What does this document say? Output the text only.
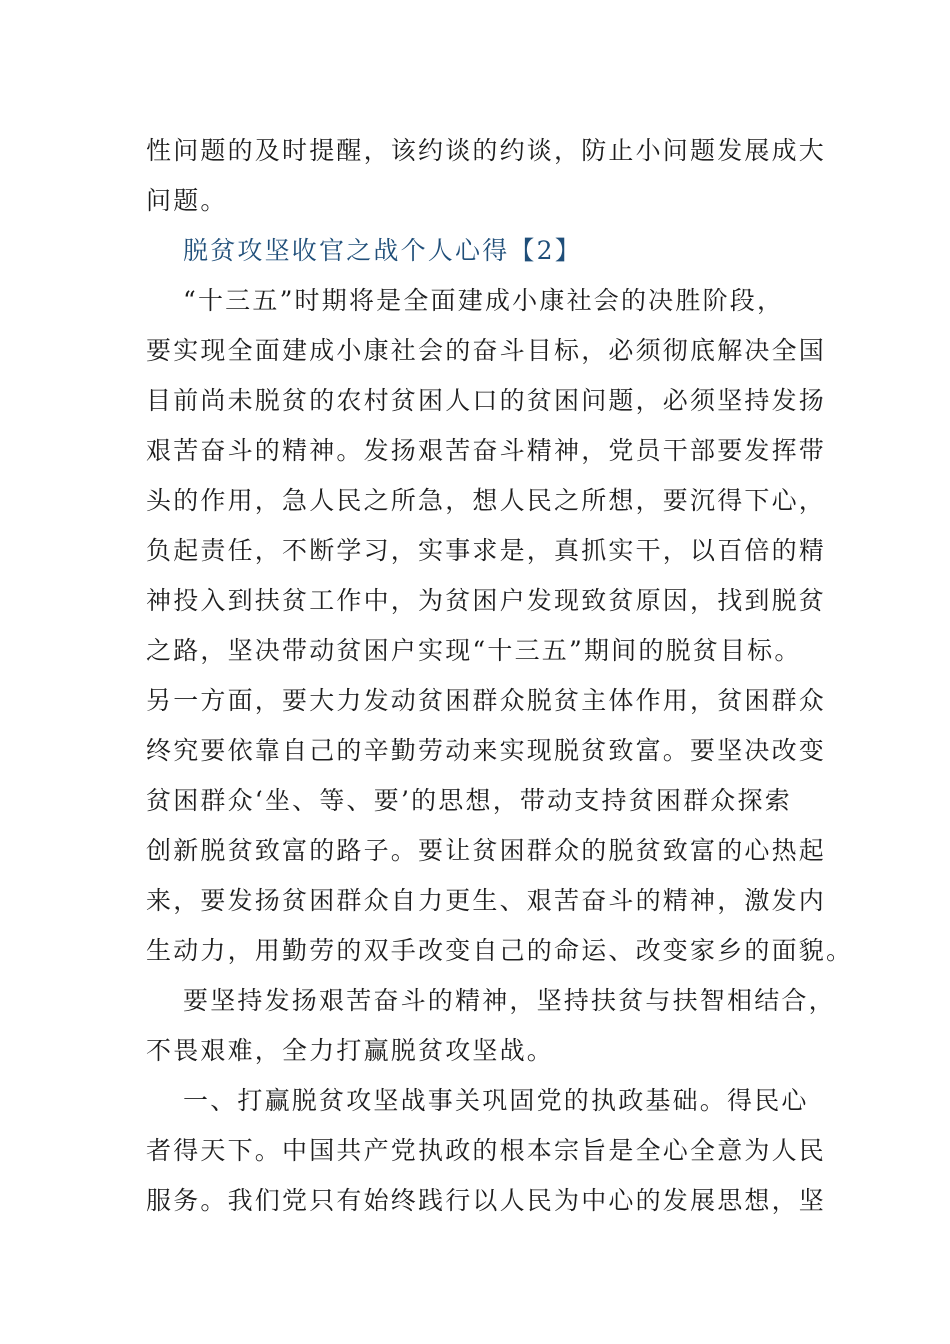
性问题的及时提醒，该约谈的约谈，防止小问题发展成大
问题。
脱贫攻坚收官之战个人心得【2】
“十三五”时期将是全面建成小康社会的决胜阶段，
要实现全面建成小康社会的奋斗目标，必须彻底解决全国
目前尚未脱贫的农村贫困人口的贫困问题，必须坚持发扬
艰苦奋斗的精神。发扬艰苦奋斗精神，党员干部要发挥带
头的作用，急人民之所急，想人民之所想，要沉得下心，
负起责任，不断学习，实事求是，真抓实干，以百倍的精
神投入到扶贫工作中，为贫困户发现致贫原因，找到脱贫
之路，坚决带动贫困户实现“十三五”期间的脱贫目标。
另一方面，要大力发动贫困群众脱贫主体作用，贫困群众
终究要依靠自己的辛勤劳动来实现脱贫致富。要坚决改变
贫困群众‘坐、等、要’的思想，带动支持贫困群众探索
创新脱贫致富的路子。要让贫困群众的脱贫致富的心热起
来，要发扬贫困群众自力更生、艰苦奋斗的精神，激发内
生动力，用勤劳的双手改变自己的命运、改变家乡的面貌。
要坚持发扬艰苦奋斗的精神，坚持扶贫与扶智相结合，
不畏艰难，全力打赢脱贫攻坚战。
一、打赢脱贫攻坚战事关巩固党的执政基础。得民心
者得天下。中国共产党执政的根本宗旨是全心全意为人民
服务。我们党只有始终践行以人民为中心的发展思想，坚
